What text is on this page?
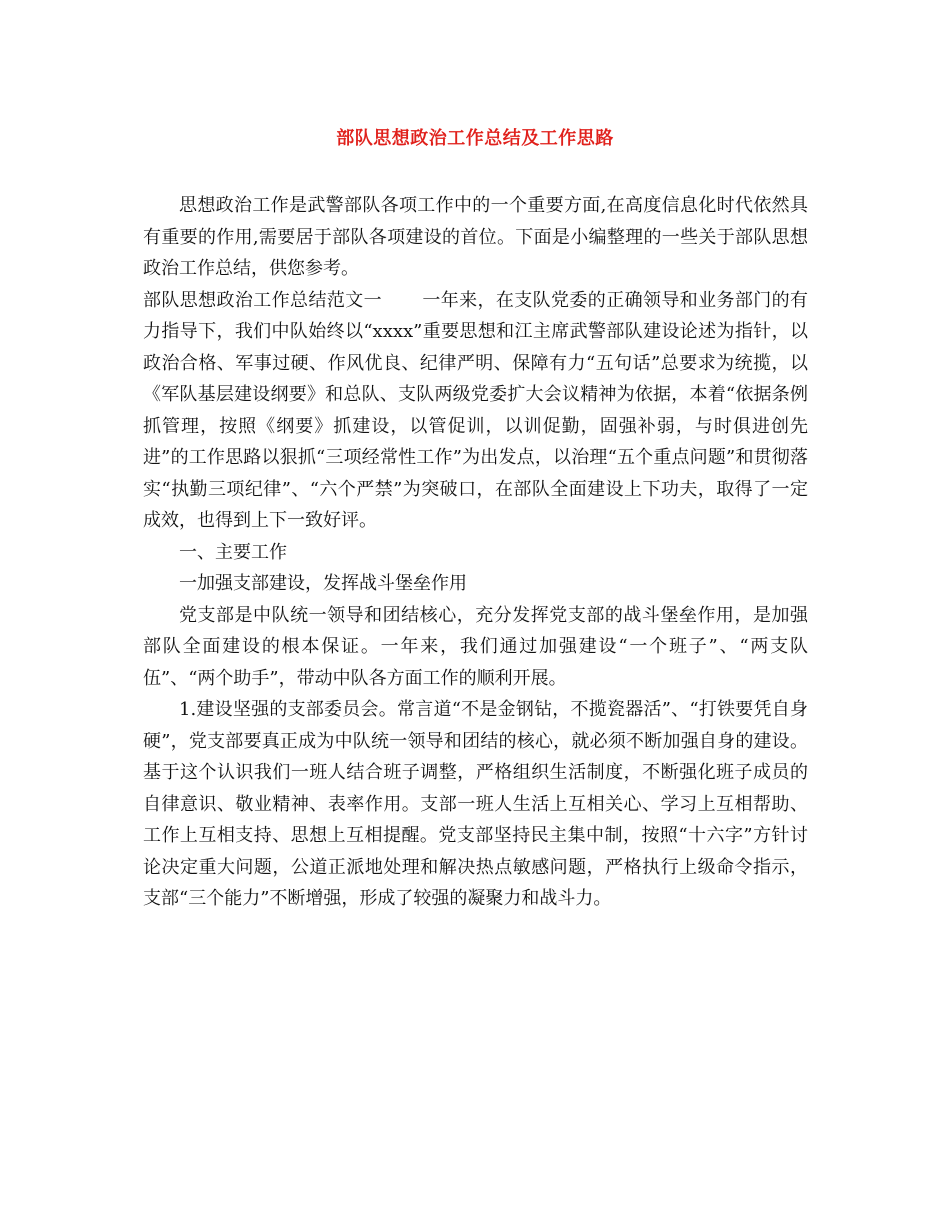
部队思想政治工作总结及工作思路

思想政治工作是武警部队各项工作中的一个重要方面,在高度信息化时代依然具有重要的作用,需要居于部队各项建设的首位。下面是小编整理的一些关于部队思想政治工作总结，供您参考。

部队思想政治工作总结范文一 一年来，在支队党委的正确领导和业务部门的有力指导下，我们中队始终以“xxxx”重要思想和江主席武警部队建设论述为指针，以政治合格、军事过硬、作风优良、纪律严明、保障有力“五句话”总要求为统揽，以《军队基层建设纲要》和总队、支队两级党委扩大会议精神为依据，本着“依据条例抓管理，按照《纲要》抓建设，以管促训，以训促勤，固强补弱，与时俱进创先进”的工作思路以狠抓“三项经常性工作”为出发点，以治理“五个重点问题”和贯彻落实“执勤三项纪律”、“六个严禁”为突破口，在部队全面建设上下功夫，取得了一定成效，也得到上下一致好评。

一、主要工作

一加强支部建设，发挥战斗堡垒作用

党支部是中队统一领导和团结核心，充分发挥党支部的战斗堡垒作用，是加强部队全面建设的根本保证。一年来，我们通过加强建设“一个班子”、“两支队伍”、“两个助手”，带动中队各方面工作的顺利开展。

1.建设坚强的支部委员会。常言道“不是金钢钻，不揽瓷器活”、“打铁要凭自身硬”，党支部要真正成为中队统一领导和团结的核心，就必须不断加强自身的建设。基于这个认识我们一班人结合班子调整，严格组织生活制度，不断强化班子成员的自律意识、敬业精神、表率作用。支部一班人生活上互相关心、学习上互相帮助、工作上互相支持、思想上互相提醒。党支部坚持民主集中制，按照“十六字”方针讨论决定重大问题，公道正派地处理和解决热点敏感问题，严格执行上级命令指示，支部“三个能力”不断增强，形成了较强的凝聚力和战斗力。
